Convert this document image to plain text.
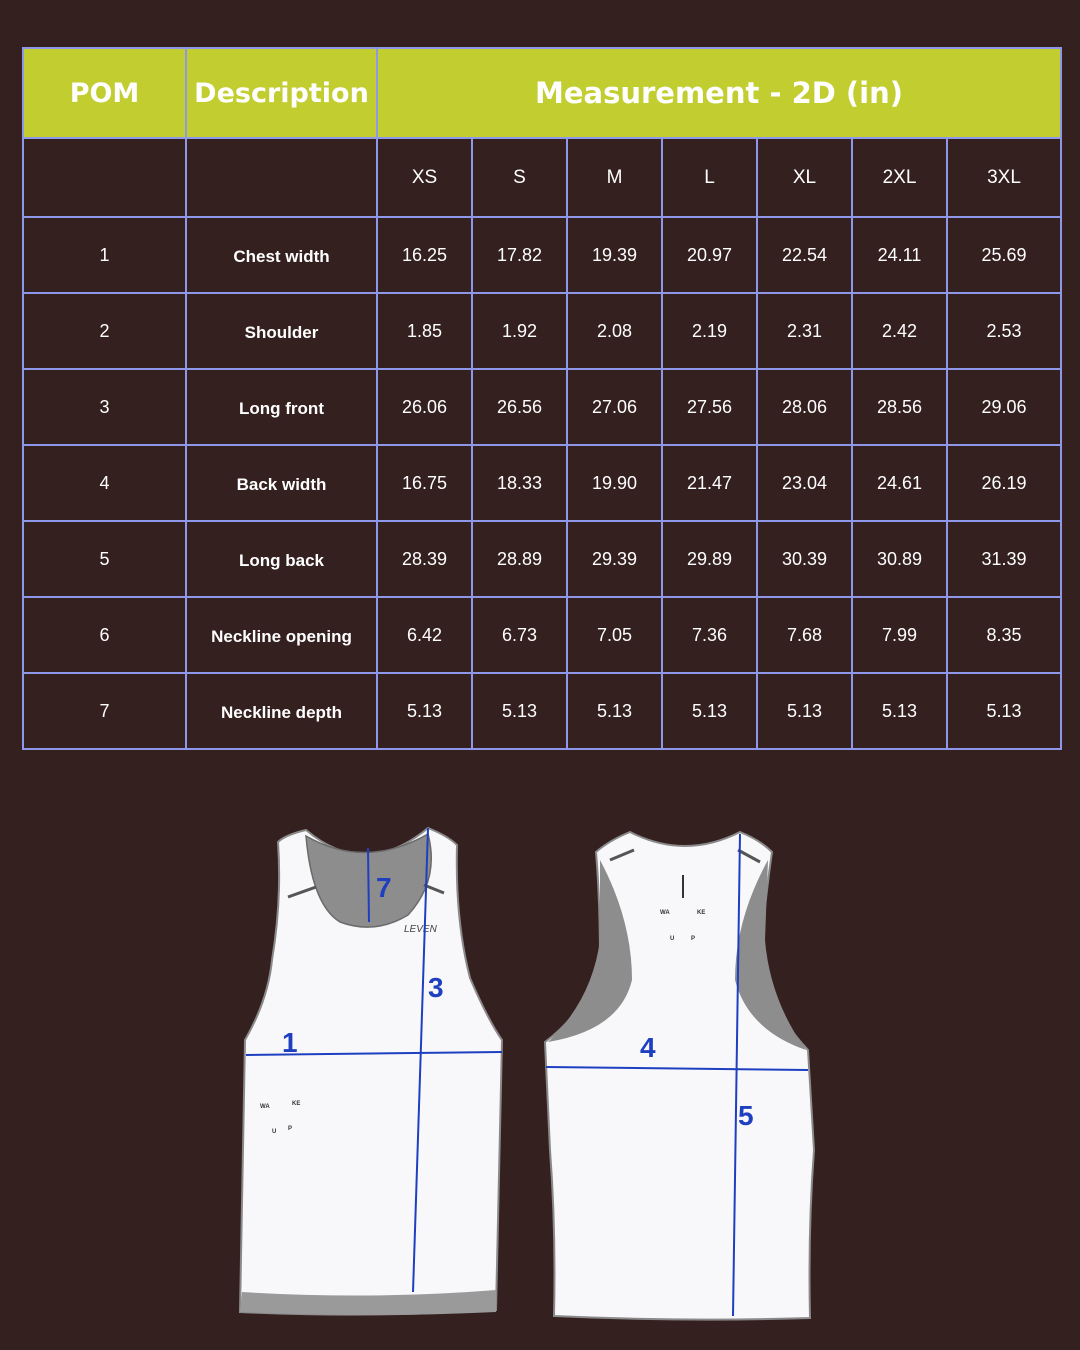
POM	Description	Measurement - 2D (in)						
		XS	S	M	L	XL	2XL	3XL
1	Chest width	16.25	17.82	19.39	20.97	22.54	24.11	25.69
2	Shoulder	1.85	1.92	2.08	2.19	2.31	2.42	2.53
3	Long front	26.06	26.56	27.06	27.56	28.06	28.56	29.06
4	Back width	16.75	18.33	19.90	21.47	23.04	24.61	26.19
5	Long back	28.39	28.89	29.39	29.89	30.39	30.89	31.39
6	Neckline opening	6.42	6.73	7.05	7.36	7.68	7.99	8.35
7	Neckline depth	5.13	5.13	5.13	5.13	5.13	5.13	5.13
LEVEN
WA	KE
U P
1
3
7
WA	KE
U	P
4
5
